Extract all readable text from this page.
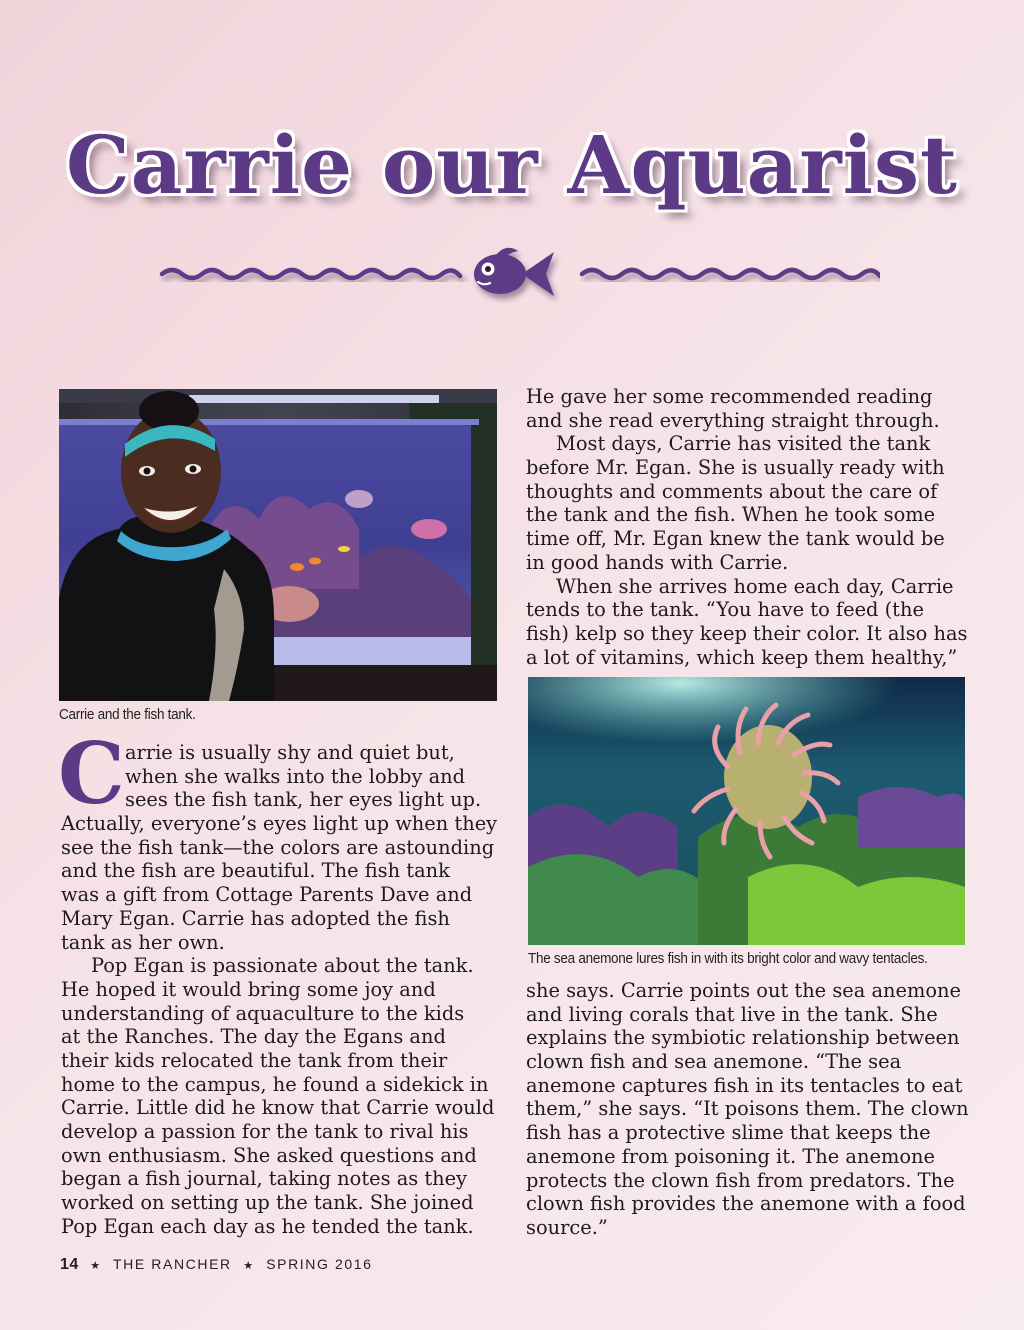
Carrie our Aquarist
Carrie and the fish tank.
The sea anemone lures fish in with its bright color and wavy tentacles.
C arrie is usually shy and quiet but,
when she walks into the lobby and
sees the fish tank, her eyes light up.
Actually, everyone’s eyes light up when they
see the fish tank—the colors are astounding
and the fish are beautiful. The fish tank
was a gift from Cottage Parents Dave and
Mary Egan. Carrie has adopted the fish
tank as her own.
Pop Egan is passionate about the tank.
He hoped it would bring some joy and
understanding of aquaculture to the kids
at the Ranches. The day the Egans and
their kids relocated the tank from their
home to the campus, he found a sidekick in
Carrie. Little did he know that Carrie would
develop a passion for the tank to rival his
own enthusiasm. She asked questions and
began a fish journal, taking notes as they
worked on setting up the tank. She joined
Pop Egan each day as he tended the tank.
He gave her some recommended reading
and she read everything straight through.
Most days, Carrie has visited the tank
before Mr. Egan. She is usually ready with
thoughts and comments about the care of
the tank and the fish. When he took some
time off, Mr. Egan knew the tank would be
in good hands with Carrie.
When she arrives home each day, Carrie
tends to the tank. “You have to feed (the
fish) kelp so they keep their color. It also has
a lot of vitamins, which keep them healthy,”
she says. Carrie points out the sea anemone
and living corals that live in the tank. She
explains the symbiotic relationship between
clown fish and sea anemone. “The sea
anemone captures fish in its tentacles to eat
them,” she says. “It poisons them. The clown
fish has a protective slime that keeps the
anemone from poisoning it. The anemone
protects the clown fish from predators. The
clown fish provides the anemone with a food
source.”
14 ★ THE RANCHER ★ SPRING 2016
